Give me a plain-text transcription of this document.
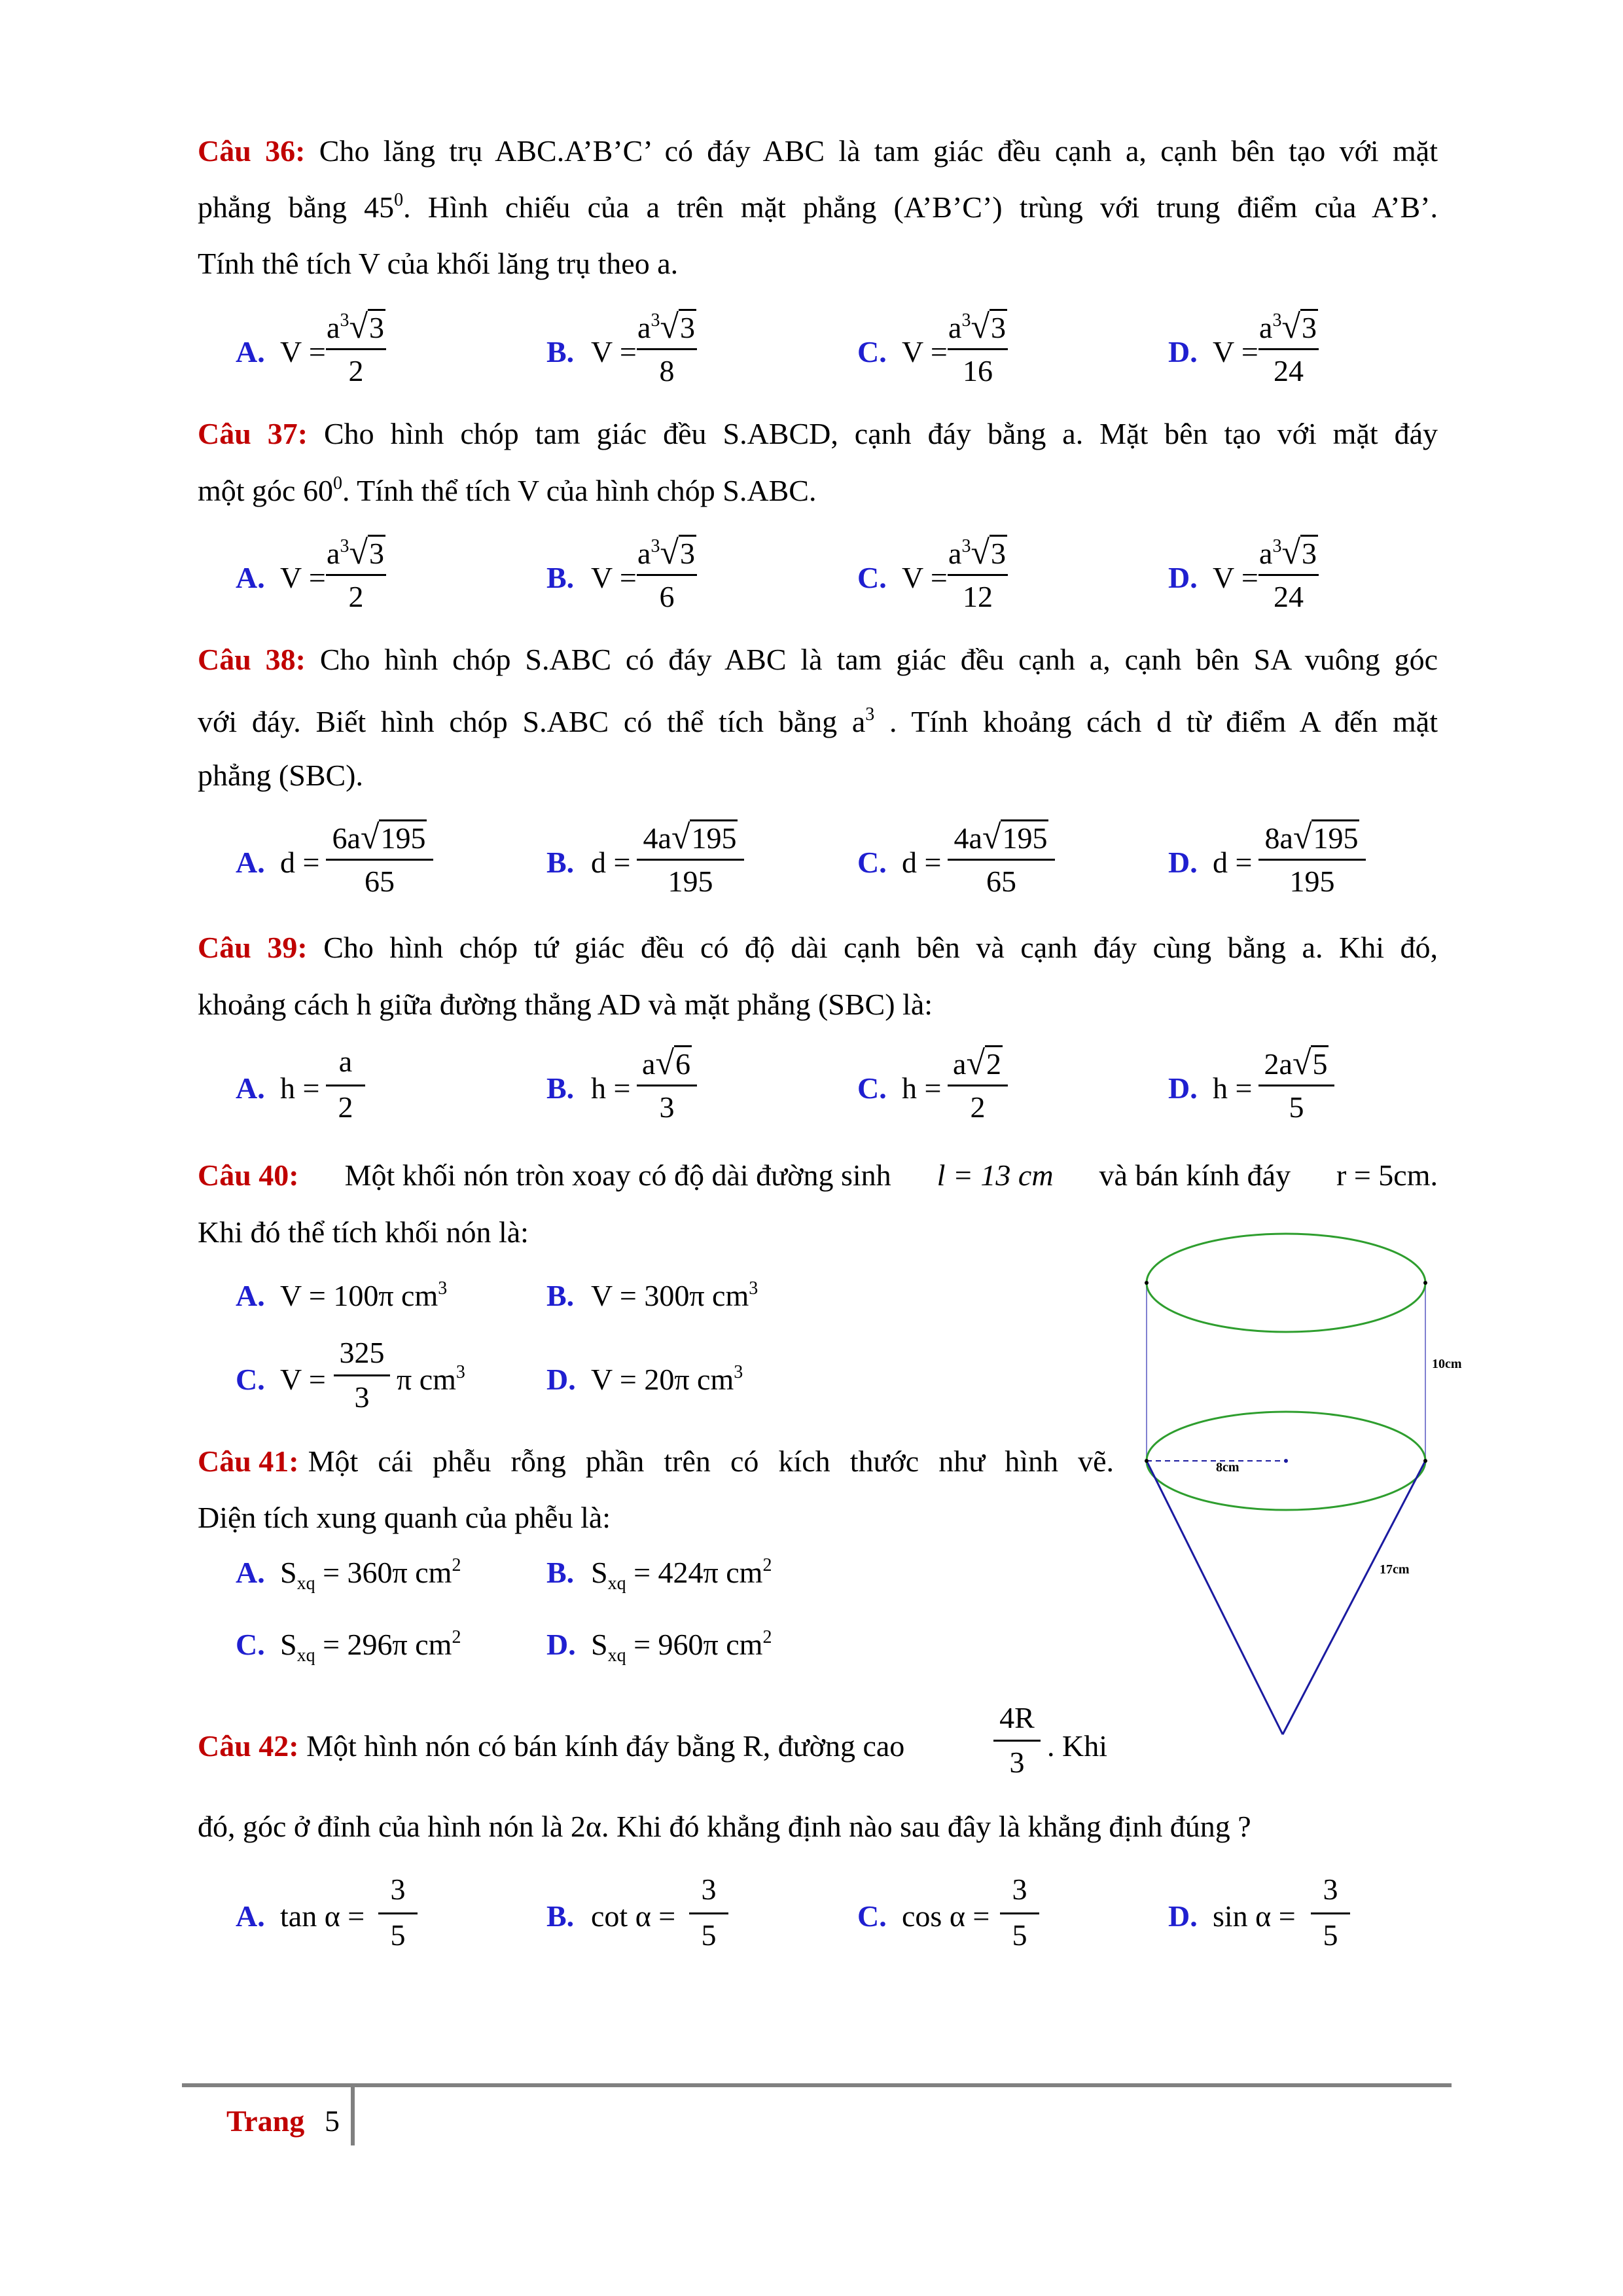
Câu 36: Cho lăng trụ ABC.A’B’C’ có đáy ABC là tam giác đều cạnh a, cạnh bên tạo với mặt
phẳng bằng $45^0$. Hình chiếu của a trên mặt phẳng (A’B’C’) trùng với trung điểm của A’B’.
Tính thê tích V của khối lăng trụ theo a.
Câu 37: Cho hình chóp tam giác đều S.ABCD, cạnh đáy bằng a. Mặt bên tạo với mặt đáy
một góc $60^0$. Tính thể tích V của hình chóp S.ABC.
Câu 38: Cho hình chóp S.ABC có đáy ABC là tam giác đều cạnh a, cạnh bên SA vuông góc
với đáy. Biết hình chóp S.ABC có thể tích bằng $a^3$ . Tính khoảng cách d từ điểm A đến mặt
phẳng (SBC).
Câu 39: Cho hình chóp tứ giác đều có độ dài cạnh bên và cạnh đáy cùng bằng a. Khi đó,
khoảng cách h giữa đường thẳng AD và mặt phẳng (SBC) là:
Câu 40: Một khối nón tròn xoay có độ dài đường sinh l = 13 cm và bán kính đáy r = 5cm.
Khi đó thể tích khối nón là:
A. V = 100π $cm^3$	B. V = 300π $cm^3$
C. V =
325
3
π $cm^3$	D. V = 20π $cm^3$
Câu 41: Một cái phễu rỗng phần trên có kích thước như hình vẽ.
Diện tích xung quanh của phễu là:
10cm
8cm
17cm
Câu 42: Một hình nón có bán kính đáy bằng R, đường cao
4R
3 . Khi
đó, góc ở đỉnh của hình nón là 2α. Khi đó khẳng định nào sau đây là khẳng định đúng ?
Trang 5
A. V =
$a^3√3$
2
B. V =
$a^3√3$
8
C. V =
$a^3√3$
16
D. V =
$a^3√3$
24
A. V =
$a^3√3$
2
B. V =
$a^3√3$
6
C. V =
$a^3√3$
12
D. V =
$a^3√3$
24
A. d =
6a√195
65
B. d =
4a√195
195
C. d =
4a√195
65
D. d =
8a√195
195
A. h =
a
2
B. h =
a√6
3
C. h =
a√2
2
D. h =
2a√5
5
A. tan α =
3
5
B. cot α =
3
5
C. cos α =
3
5
D. sin α =
3
5
A. $S_{xq} = 360\pi$ $cm^2$	B. $S_{xq} = 424\pi$ $cm^2$
C. $S_{xq} = 296\pi$ $cm^2$	D. $S_{xq} = 960\pi$ $cm^2$
